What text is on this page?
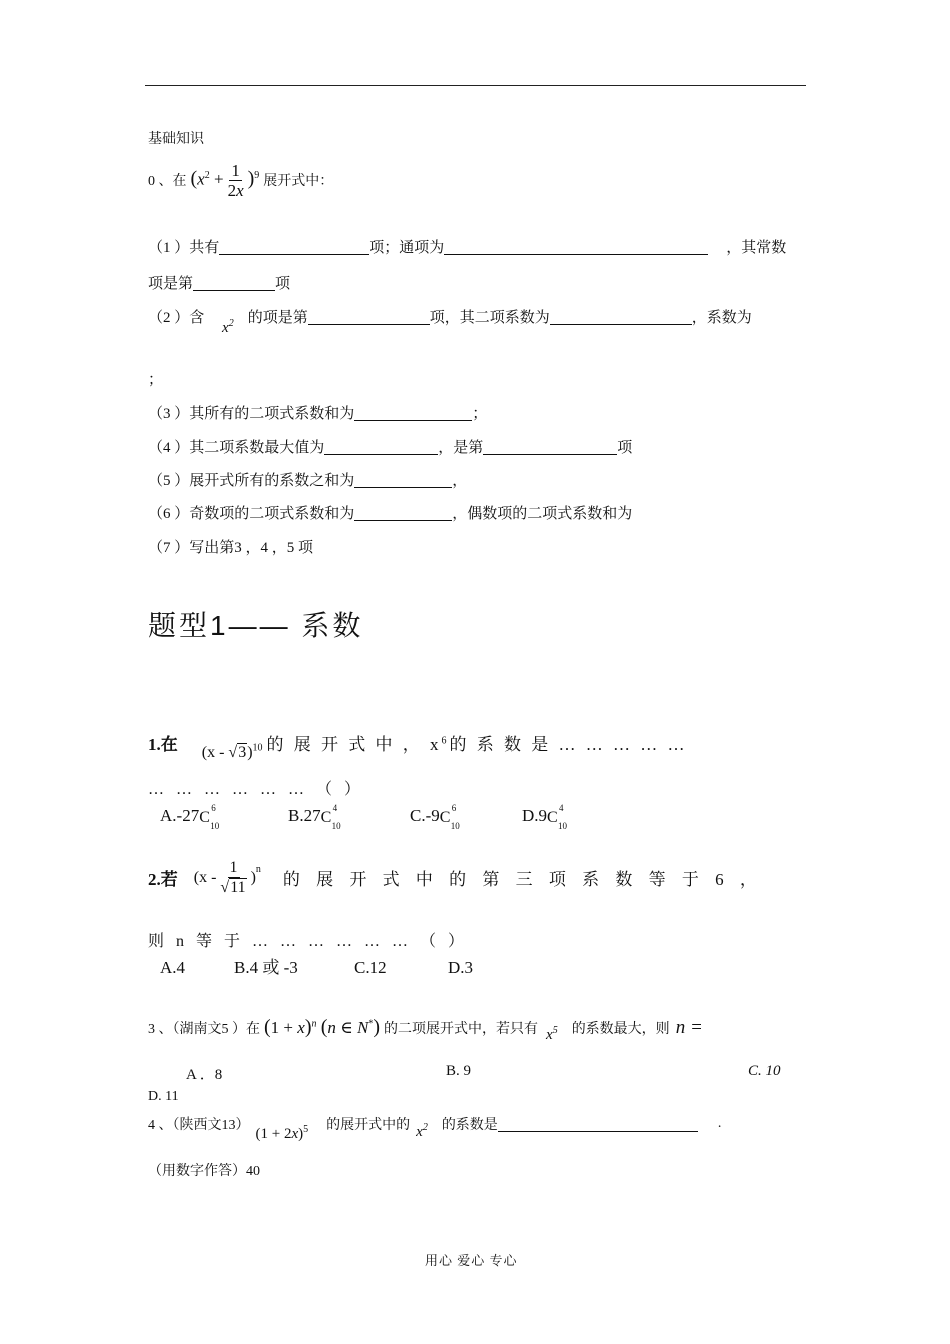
基础知识
0 、在 $(x^2 + \frac{1}{2x} )^9$ 展开式中：
（1 ）共有	项；通项为	，其常数
项是第	项
（2 ）含 $x^2$ 的项是第	项，其二项系数为	，系数为
；
（3 ）其所有的二项式系数和为	；
（4 ）其二项系数最大值为	，是第	项
（5 ）展开式所有的系数之和为	，
（6 ）奇数项的二项式系数和为	，偶数项的二项式系数和为
（7 ）写出第3 ，4 ，5 项
题型1—— 系数
1.在 (x - √3)$^{10}$ 的 展 开 式 中 ， $x^6$的 系 数 是 … … … … …
… … … … … … （ ）
A.-27 C
6
10
B.27 C
4
10
C.-9 C
6
10
D.9 C
4
10
2.若 $(x - \frac{1}{√11} )^n$
的 展 开 式 中 的 第 三 项 系 数 等 于 6 ，
则 n 等 于 … … … … … … （ ）
A.4	B.4 或 -3	C.12	D.3
3 、（湖南文5 ）在 $(1 + x)^n$ (n ∈ N*) 的二项展开式中，若只有 $x^5$ 的系数最大，则 n =
A ．8	B. 9	C. 10
D. 11
4 、（陕西文13） $(1 + 2x)^5$ 的展开式中的 $x^2$ 的系数是	.
（用数字作答）40
用心 爱心 专心
